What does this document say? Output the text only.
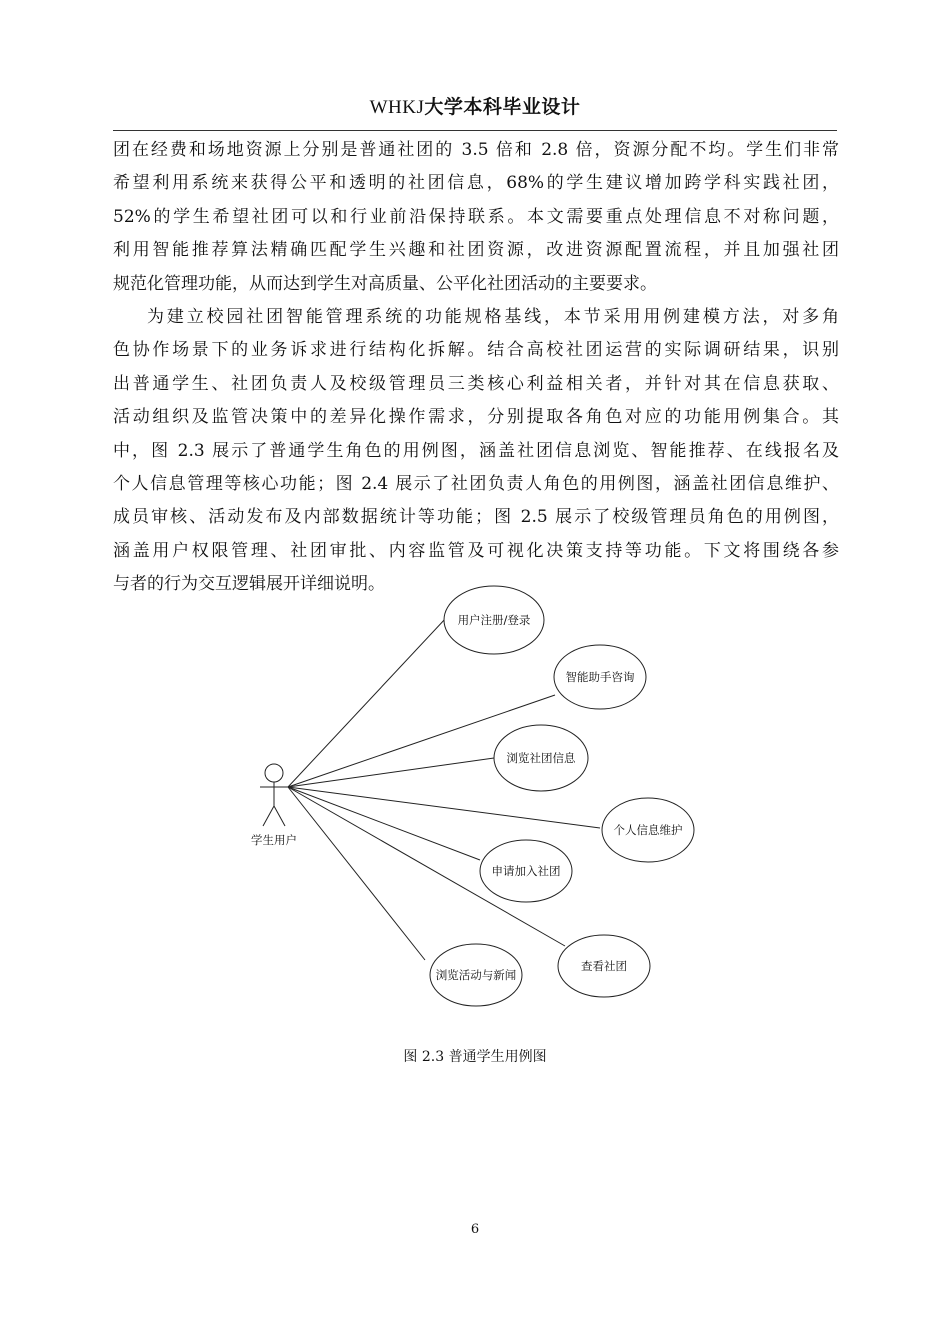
WHKJ大学本科毕业设计
团在经费和场地资源上分别是普通社团的 3.5 倍和 2.8 倍，资源分配不均。学生们非常
希望利用系统来获得公平和透明的社团信息，68%的学生建议增加跨学科实践社团，
52%的学生希望社团可以和行业前沿保持联系。本文需要重点处理信息不对称问题，
利用智能推荐算法精确匹配学生兴趣和社团资源，改进资源配置流程，并且加强社团
规范化管理功能，从而达到学生对高质量、公平化社团活动的主要要求。
为建立校园社团智能管理系统的功能规格基线，本节采用用例建模方法，对多角
色协作场景下的业务诉求进行结构化拆解。结合高校社团运营的实际调研结果，识别
出普通学生、社团负责人及校级管理员三类核心利益相关者，并针对其在信息获取、
活动组织及监管决策中的差异化操作需求，分别提取各角色对应的功能用例集合。其
中，图 2.3 展示了普通学生角色的用例图，涵盖社团信息浏览、智能推荐、在线报名及
个人信息管理等核心功能；图 2.4 展示了社团负责人角色的用例图，涵盖社团信息维护、
成员审核、活动发布及内部数据统计等功能；图 2.5 展示了校级管理员角色的用例图，
涵盖用户权限管理、社团审批、内容监管及可视化决策支持等功能。下文将围绕各参
与者的行为交互逻辑展开详细说明。
学生用户
用户注册/登录
智能助手咨询
浏览社团信息
个人信息维护
申请加入社团
查看社团
浏览活动与新闻
图 2.3 普通学生用例图
6
